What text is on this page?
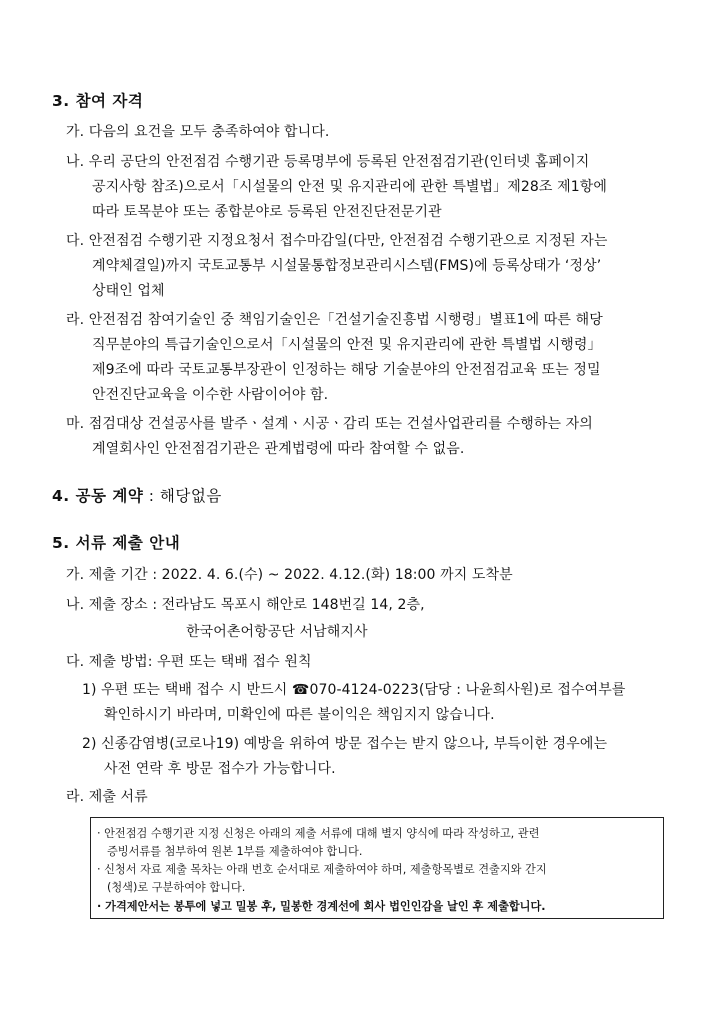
3. 참여 자격
가. 다음의 요건을 모두 충족하여야 합니다.
나. 우리 공단의 안전점검 수행기관 등록명부에 등록된 안전점검기관(인터넷 홈페이지
공지사항 참조)으로서「시설물의 안전 및 유지관리에 관한 특별법」제28조 제1항에
따라 토목분야 또는 종합분야로 등록된 안전진단전문기관
다. 안전점검 수행기관 지정요청서 접수마감일(다만, 안전점검 수행기관으로 지정된 자는
계약체결일)까지 국토교통부 시설물통합정보관리시스템(FMS)에 등록상태가 ‘정상’
상태인 업체
라. 안전점검 참여기술인 중 책임기술인은「건설기술진흥법 시행령」별표1에 따른 해당
직무분야의 특급기술인으로서「시설물의 안전 및 유지관리에 관한 특별법 시행령」
제9조에 따라 국토교통부장관이 인정하는 해당 기술분야의 안전점검교육 또는 정밀
안전진단교육을 이수한 사람이어야 함.
마. 점검대상 건설공사를 발주ㆍ설계ㆍ시공ㆍ감리 또는 건설사업관리를 수행하는 자의
계열회사인 안전점검기관은 관계법령에 따라 참여할 수 없음.
4. 공동 계약 : 해당없음
5. 서류 제출 안내
가. 제출 기간 : 2022. 4. 6.(수) ~ 2022. 4.12.(화) 18:00 까지 도착분
나. 제출 장소 : 전라남도 목포시 해안로 148번길 14, 2층,
한국어촌어항공단 서남해지사
다. 제출 방법: 우편 또는 택배 접수 원칙
1) 우편 또는 택배 접수 시 반드시 ☎070-4124-0223(담당 : 나윤희사원)로 접수여부를
확인하시기 바라며, 미확인에 따른 불이익은 책임지지 않습니다.
2) 신종감염병(코로나19) 예방을 위하여 방문 접수는 받지 않으나, 부득이한 경우에는
사전 연락 후 방문 접수가 가능합니다.
라. 제출 서류
· 안전점검 수행기관 지정 신청은 아래의 제출 서류에 대해 별지 양식에 따라 작성하고, 관련
증빙서류를 첨부하여 원본 1부를 제출하여야 합니다.
· 신청서 자료 제출 목차는 아래 번호 순서대로 제출하여야 하며, 제출항목별로 견출지와 간지
(청색)로 구분하여야 합니다.
· 가격제안서는 봉투에 넣고 밀봉 후, 밀봉한 경계선에 회사 법인인감을 날인 후 제출합니다.
